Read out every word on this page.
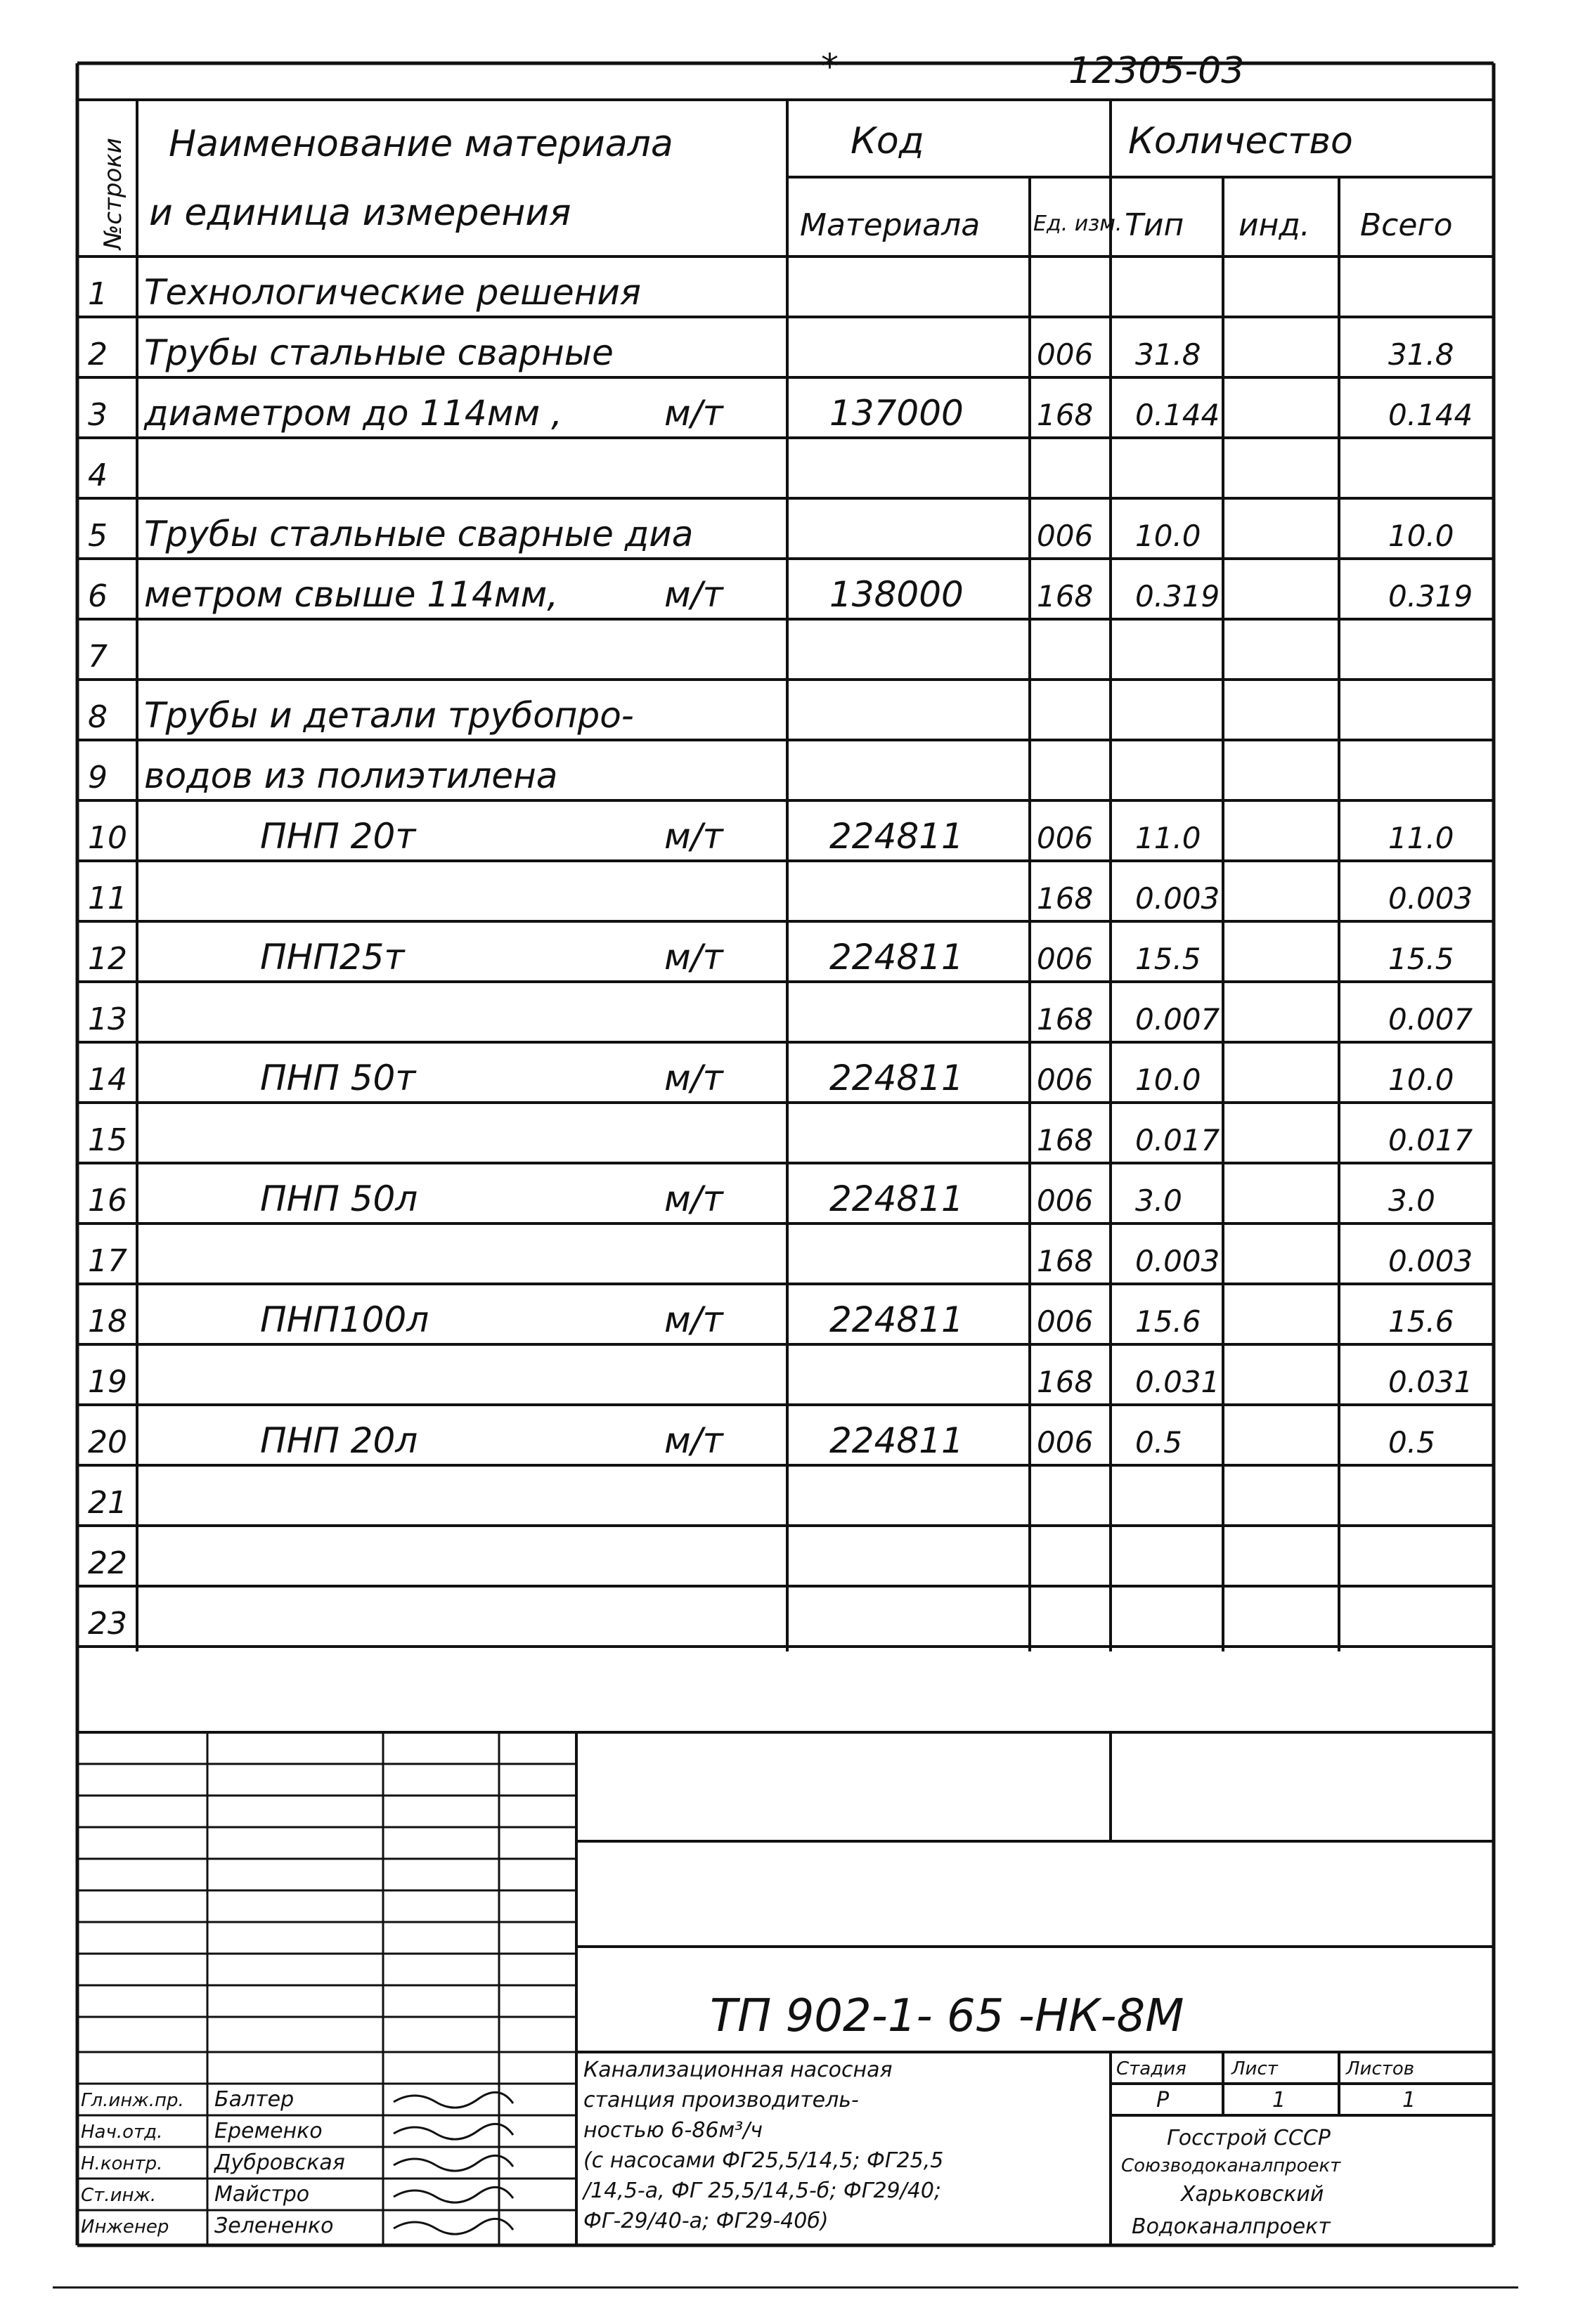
*	12305-03
№строки Наименование материала
и единица измерения
Код	Количество
Материала	Ед. изм. Тип инд. Всего
1 Технологические решения
2 Трубы стальные сварные	006 31.8	31.8
3 диаметром до 114мм ,	м/т	137000 168 0.144	0.144
4
5 Трубы стальные сварные диа	006 10.0	10.0
6 метром свыше 114мм,	м/т	138000 168 0.319	0.319
7
8 Трубы и детали трубопро-
9 водов из полиэтилена
10	ПНП 20т	м/т	224811 006 11.0	11.0
11	168 0.003	0.003
12	ПНП25т	м/т	224811 006 15.5	15.5
13	168 0.007	0.007
14	ПНП 50т	м/т	224811 006 10.0	10.0
15	168 0.017	0.017
16	ПНП 50л	м/т	224811 006 3.0	3.0
17	168 0.003	0.003
18	ПНП100л	м/т	224811 006 15.6	15.6
19	168 0.031	0.031
20	ПНП 20л	м/т	224811 006 0.5	0.5
21
22
23
ТП 902-1- 65 -НК-8М
Гл.инж.пр. Балтер
Нач.отд. Еременко
Н.контр. Дубровская
Ст.инж.	Майстро
Инженер Зелененко
Канализационная насосная
станция производитель-
ностью 6-86м³/ч
(с насосами ФГ25,5/14,5; ФГ25,5
/14,5-а, ФГ 25,5/14,5-б; ФГ29/40;
ФГ-29/40-а; ФГ29-40б)
Стадия Лист	Листов
Р	1	1
Госстрой СССР
Союзводоканалпроект
Харьковский
Водоканалпроект
